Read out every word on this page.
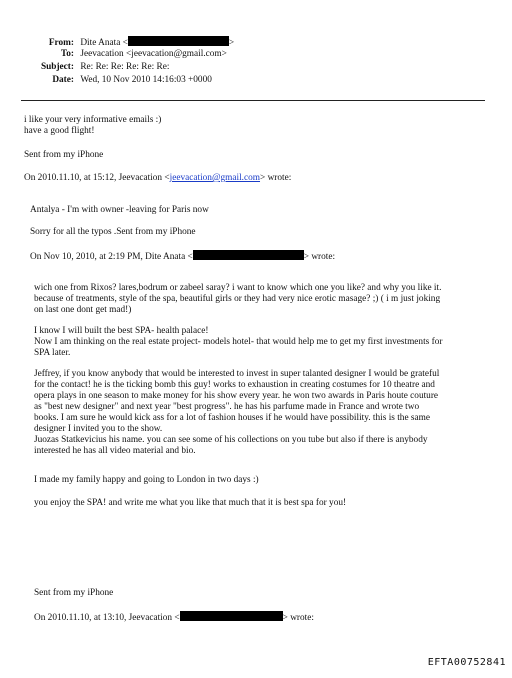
From: Dite Anata <	>
To: Jeevacation <jeevacation@gmail.com>
Subject: Re: Re: Re: Re: Re: Re:
Date: Wed, 10 Nov 2010 14:16:03 +0000
i like your very informative emails :)
have a good flight!
Sent from my iPhone
On 2010.11.10, at 15:12, Jeevacation <jeevacation@gmail.com> wrote:
Antalya - I'm with owner -leaving for Paris now
Sorry for all the typos .Sent from my iPhone
On Nov 10, 2010, at 2:19 PM, Dite Anata <	> wrote:
wich one from Rixos? lares,bodrum or zabeel saray? i want to know which one you like? and why you like it.
because of treatments, style of the spa, beautiful girls or they had very nice erotic masage? ;) ( i m just joking
on last one dont get mad!)
I know I will built the best SPA- health palace!
Now I am thinking on the real estate project- models hotel- that would help me to get my first investments for
SPA later.
Jeffrey, if you know anybody that would be interested to invest in super talanted designer I would be grateful
for the contact! he is the ticking bomb this guy! works to exhaustion in creating costumes for 10 theatre and
opera plays in one season to make money for his show every year. he won two awards in Paris houte couture
as "best new designer" and next year "best progress". he has his parfume made in France and wrote two
books. I am sure he would kick ass for a lot of fashion houses if he would have possibility. this is the same
designer I invited you to the show.
Juozas Statkevicius his name. you can see some of his collections on you tube but also if there is anybody
interested he has all video material and bio.
I made my family happy and going to London in two days :)
you enjoy the SPA! and write me what you like that much that it is best spa for you!
Sent from my iPhone
On 2010.11.10, at 13:10, Jeevacation <	> wrote:
EFTA00752841
